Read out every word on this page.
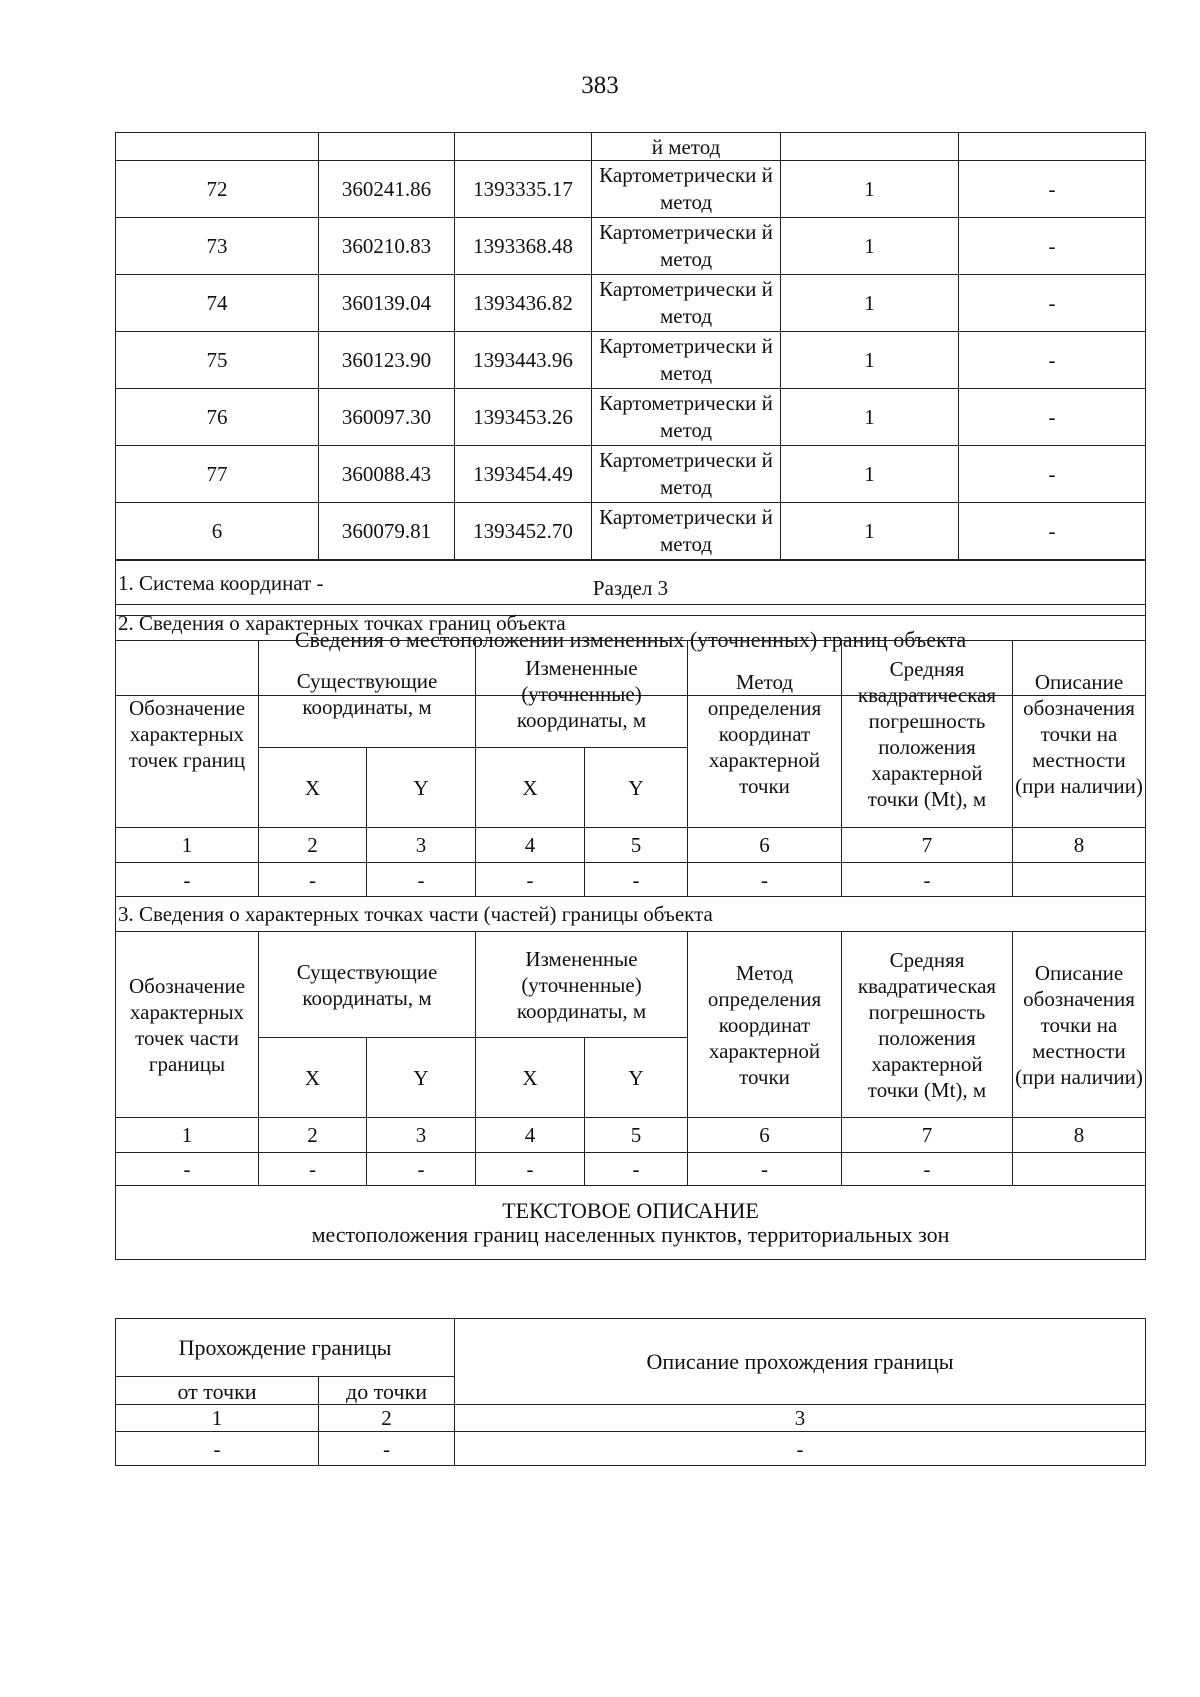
383
			й метод		
72	360241.86	1393335.17	Картометрически й метод	1	-
73	360210.83	1393368.48	Картометрически й метод	1	-
74	360139.04	1393436.82	Картометрически й метод	1	-
75	360123.90	1393443.96	Картометрически й метод	1	-
76	360097.30	1393453.26	Картометрически й метод	1	-
77	360088.43	1393454.49	Картометрически й метод	1	-
6	360079.81	1393452.70	Картометрически й метод	1	-
Раздел 3					
Сведения о местоположении измененных (уточненных) границ объекта					
1. Система координат -							
2. Сведения о характерных точках границ объекта							
Обозначение характерных точек границ	Существующие координаты, м		Измененные (уточненные) координаты, м		Метод определения координат характерной точки	Средняя квадратическая погрешность положения характерной точки (Mt), м	Описание обозначения точки на местности (при наличии)
	X	Y	X	Y			
1	2	3	4	5	6	7	8
-	-	-	-	-	-	-	
3. Сведения о характерных точках части (частей) границы объекта							
Обозначение характерных точек части границы	Существующие координаты, м		Измененные (уточненные) координаты, м		Метод определения координат характерной точки	Средняя квадратическая погрешность положения характерной точки (Mt), м	Описание обозначения точки на местности (при наличии)
	X	Y	X	Y			
1	2	3	4	5	6	7	8
-	-	-	-	-	-	-	

ТЕКСТОВОЕ ОПИСАНИЕ
местоположения границ населенных пунктов, территориальных зон							
Прохождение границы		Описание прохождения границы
от точки	до точки	
1	2	3
-	-	-
